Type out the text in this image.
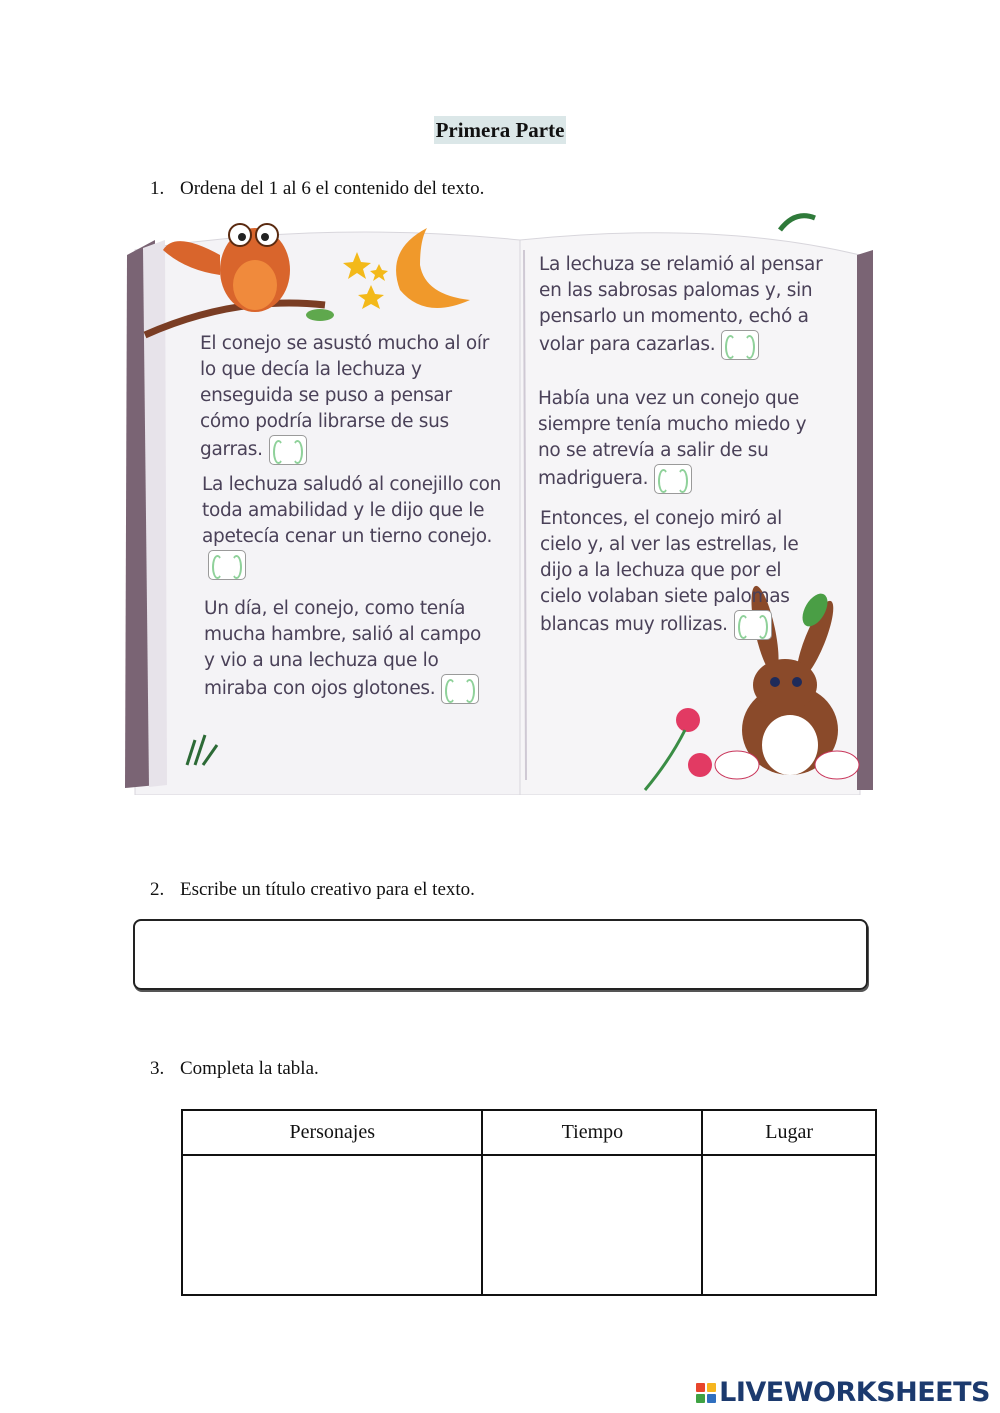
Primera Parte
1. Ordena del 1 al 6 el contenido del texto.
El conejo se asustó mucho al oír lo que decía la lechuza y enseguida se puso a pensar cómo podría librarse de sus garras.
La lechuza saludó al conejillo con toda amabilidad y le dijo que le apetecía cenar un tierno conejo.
Un día, el conejo, como tenía mucha hambre, salió al campo y vio a una lechuza que lo miraba con ojos glotones.
La lechuza se relamió al pensar en las sabrosas palomas y, sin pensarlo un momento, echó a volar para cazarlas.
Había una vez un conejo que siempre tenía mucho miedo y no se atrevía a salir de su madriguera.
Entonces, el conejo miró al cielo y, al ver las estrellas, le dijo a la lechuza que por el cielo volaban siete palomas blancas muy rollizas.
2. Escribe un título creativo para el texto.
3. Completa la tabla.
Personajes	Tiempo	Lugar

LIVEWORKSHEETS
